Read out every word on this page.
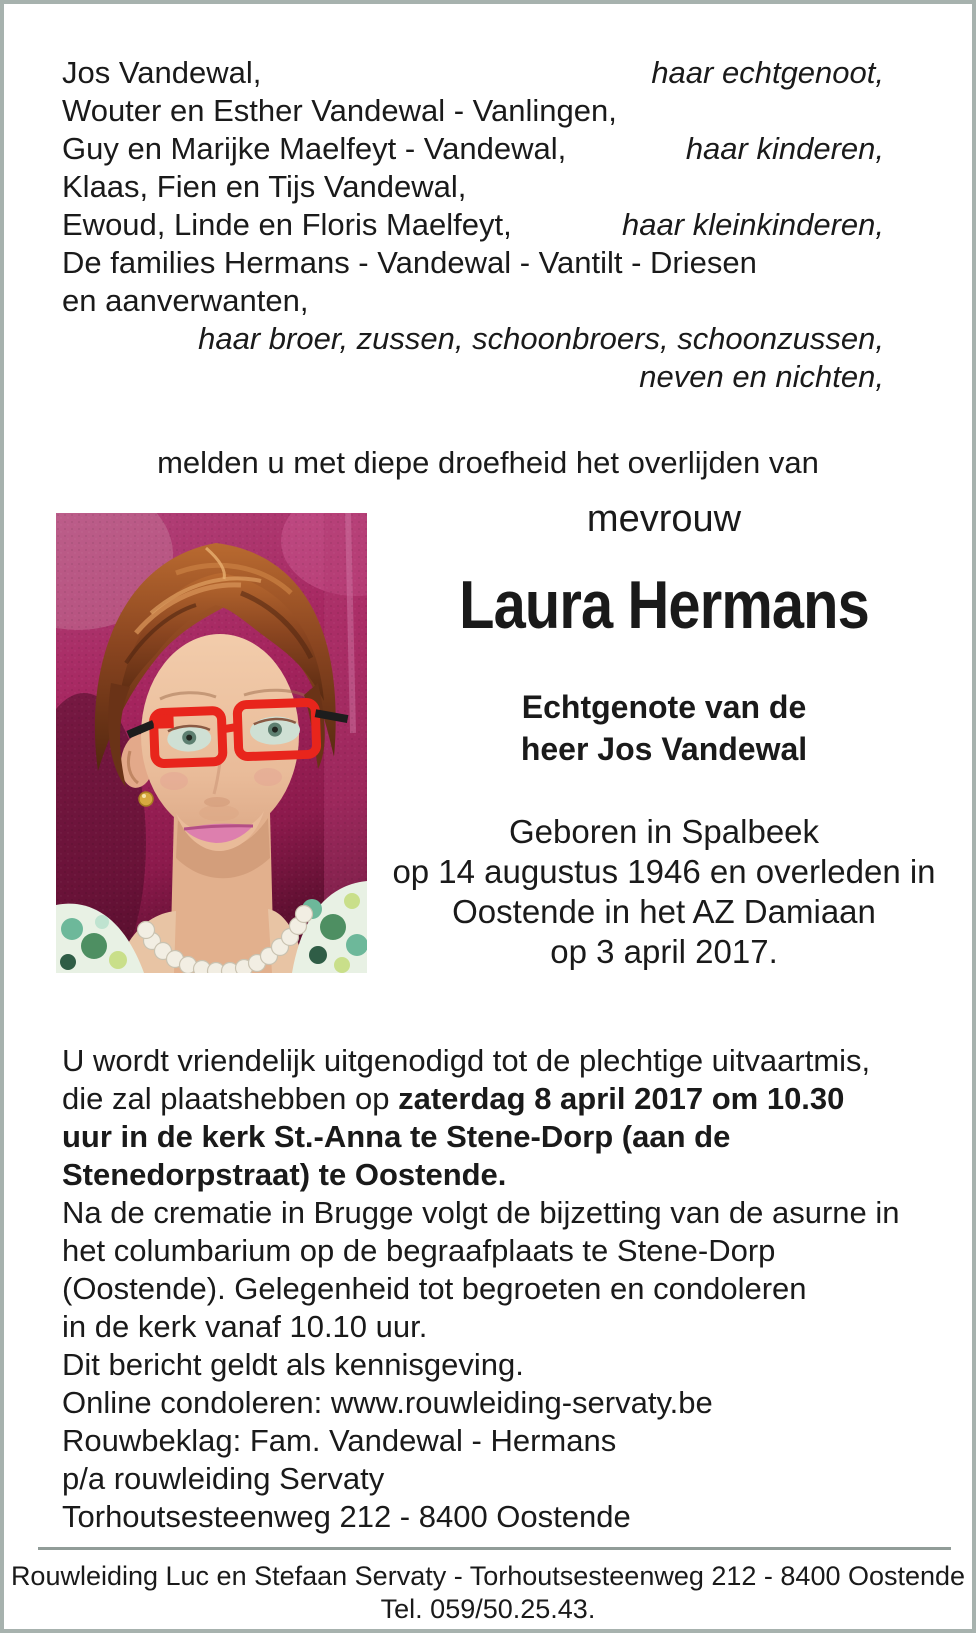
Jos Vandewal,	haar echtgenoot,
Wouter en Esther Vandewal - Vanlingen,
Guy en Marijke Maelfeyt - Vandewal,	haar kinderen,
Klaas, Fien en Tijs Vandewal,
Ewoud, Linde en Floris Maelfeyt,	haar kleinkinderen,
De families Hermans - Vandewal - Vantilt - Driesen
en aanverwanten,
haar broer, zussen, schoonbroers, schoonzussen,
neven en nichten,
melden u met diepe droefheid het overlijden van
mevrouw
Laura Hermans
Echtgenote van de
heer Jos Vandewal
Geboren in Spalbeek
op 14 augustus 1946 en overleden in
Oostende in het AZ Damiaan
op 3 april 2017.
U wordt vriendelijk uitgenodigd tot de plechtige uitvaartmis,
die zal plaatshebben op zaterdag 8 april 2017 om 10.30
uur in de kerk St.-Anna te Stene-Dorp (aan de
Stenedorpstraat) te Oostende.
Na de crematie in Brugge volgt de bijzetting van de asurne in
het columbarium op de begraafplaats te Stene-Dorp
(Oostende). Gelegenheid tot begroeten en condoleren
in de kerk vanaf 10.10 uur.
Dit bericht geldt als kennisgeving.
Online condoleren: www.rouwleiding-servaty.be
Rouwbeklag: Fam. Vandewal - Hermans
p/a rouwleiding Servaty
Torhoutsesteenweg 212 - 8400 Oostende
Rouwleiding Luc en Stefaan Servaty - Torhoutsesteenweg 212 - 8400 Oostende
Tel. 059/50.25.43.
